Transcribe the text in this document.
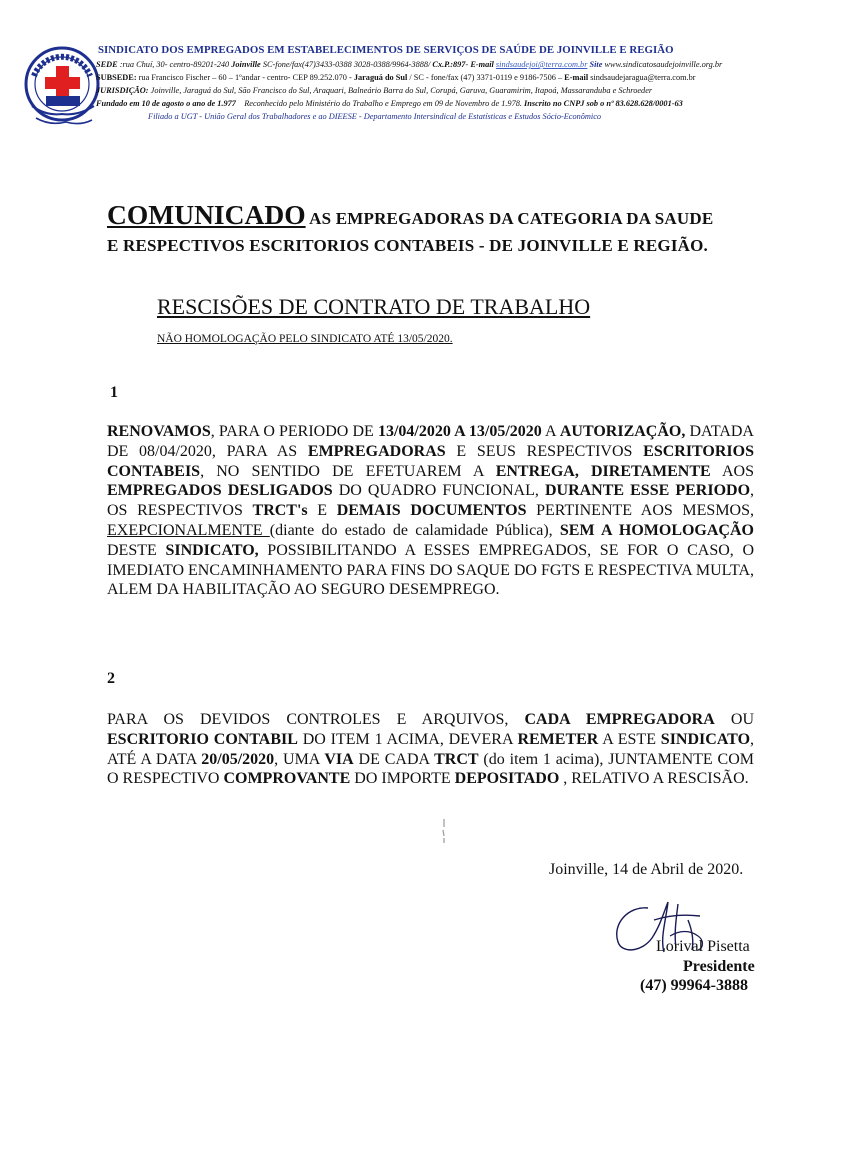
SINDICATO DOS EMPREGADOS EM ESTABELECIMENTOS DE SERVIÇOS DE SAÚDE DE JOINVILLE E REGIÃO
SEDE :rua Chuí, 30- centro-89201-240 Joinville SC-fone/fax(47)3433-0388 3028-0388/9964-3888/ Cx.P.:897- E-mail sindsaudejoi@terra.com.br Site www.sindicatosaudejoinville.org.br
SUBSEDE: rua Francisco Fischer – 60 – 1ºandar - centro- CEP 89.252.070 - Jaraguá do Sul / SC - fone/fax (47) 3371-0119 e 9186-7506 – E-mail sindsaudejaragua@terra.com.br
JURISDIÇÃO: Joinville, Jaraguá do Sul, São Francisco do Sul, Araquari, Balneário Barra do Sul, Corupá, Garuva, Guaramirim, Itapoá, Massaranduba e Schroeder
Fundado em 10 de agosto o ano de 1.977 Reconhecido pelo Ministério do Trabalho e Emprego em 09 de Novembro de 1.978. Inscrito no CNPJ sob o nº 83.628.628/0001-63
Filiado a UGT - União Geral dos Trabalhadores e ao DIEESE - Departamento Intersindical de Estatísticas e Estudos Sócio-Econômico
COMUNICADO AS EMPREGADORAS DA CATEGORIA DA SAUDE
E RESPECTIVOS ESCRITORIOS CONTABEIS - DE JOINVILLE E REGIÃO.
RESCISÕES DE CONTRATO DE TRABALHO
NÃO HOMOLOGAÇÃO PELO SINDICATO ATÉ 13/05/2020.
1
RENOVAMOS, PARA O PERIODO DE 13/04/2020 A 13/05/2020 A AUTORIZAÇÃO, DATADA DE 08/04/2020, PARA AS EMPREGADORAS E SEUS RESPECTIVOS ESCRITORIOS CONTABEIS, NO SENTIDO DE EFETUAREM A ENTREGA, DIRETAMENTE AOS EMPREGADOS DESLIGADOS DO QUADRO FUNCIONAL, DURANTE ESSE PERIODO, OS RESPECTIVOS TRCT's E DEMAIS DOCUMENTOS PERTINENTE AOS MESMOS, EXEPCIONALMENTE (diante do estado de calamidade Pública), SEM A HOMOLOGAÇÃO DESTE SINDICATO, POSSIBILITANDO A ESSES EMPREGADOS, SE FOR O CASO, O IMEDIATO ENCAMINHAMENTO PARA FINS DO SAQUE DO FGTS E RESPECTIVA MULTA, ALEM DA HABILITAÇÃO AO SEGURO DESEMPREGO.
2
PARA OS DEVIDOS CONTROLES E ARQUIVOS, CADA EMPREGADORA OU ESCRITORIO CONTABIL DO ITEM 1 ACIMA, DEVERA REMETER A ESTE SINDICATO, ATÉ A DATA 20/05/2020, UMA VIA DE CADA TRCT (do item 1 acima), JUNTAMENTE COM O RESPECTIVO COMPROVANTE DO IMPORTE DEPOSITADO , RELATIVO A RESCISÃO.
Joinville, 14 de Abril de 2020.
Lorival Pisetta
Presidente
(47) 99964-3888
